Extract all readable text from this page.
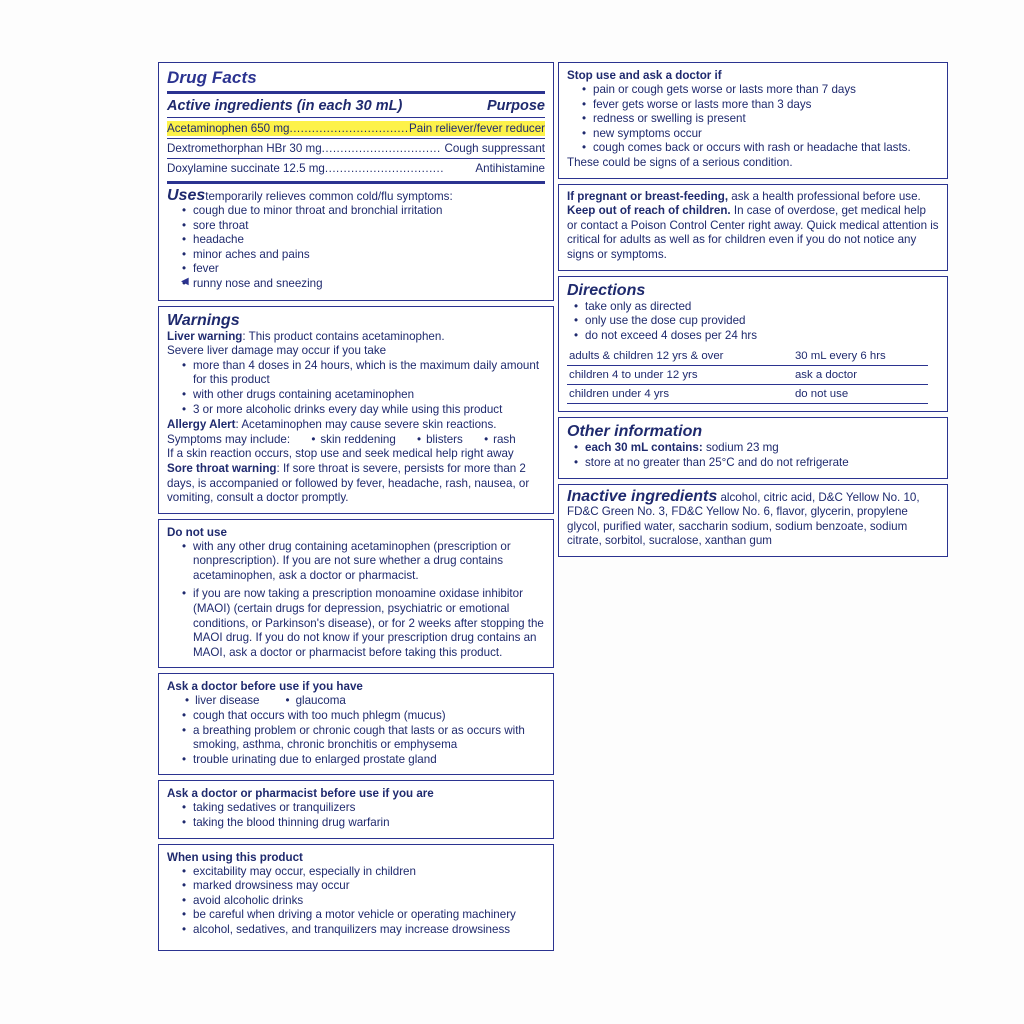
Drug Facts
Active ingredients (in each 30 mL)	Purpose
Acetaminophen 650 mg ................................ Pain reliever/fever reducer
Dextromethorphan HBr 30 mg ................................ Cough suppressant
Doxylamine succinate 12.5 mg ................................	Antihistamine
Usestemporarily relieves common cold/flu symptoms:
• cough due to minor throat and bronchial irritation
• sore throat
• headache
• minor aches and pains
• fever
• runny nose and sneezing
◀
Warnings

Liver warning: This product contains acetaminophen.

Severe liver damage may occur if you take

• more than 4 doses in 24 hours, which is the maximum daily amount for this product
• with other drugs containing acetaminophen
• 3 or more alcoholic drinks every day while using this product

Allergy Alert: Acetaminophen may cause severe skin reactions.

Symptoms may include:	• skin reddening	• blisters	• rash

If a skin reaction occurs, stop use and seek medical help right away

Sore throat warning: If sore throat is severe, persists for more than 2 days, is accompanied or followed by fever, headache, rash, nausea, or vomiting, consult a doctor promptly.

Do not use
• with any other drug containing acetaminophen (prescription or nonprescription). If you are not sure whether a drug contains acetaminophen, ask a doctor or pharmacist.
• if you are now taking a prescription monoamine oxidase inhibitor (MAOI) (certain drugs for depression, psychiatric or emotional conditions, or Parkinson's disease), or for 2 weeks after stopping the MAOI drug. If you do not know if your prescription drug contains an MAOI, ask a doctor or pharmacist before taking this product.
Ask a doctor before use if you have
• liver disease	• glaucoma
• cough that occurs with too much phlegm (mucus)
• a breathing problem or chronic cough that lasts or as occurs with smoking, asthma, chronic bronchitis or emphysema
• trouble urinating due to enlarged prostate gland
Ask a doctor or pharmacist before use if you are
• taking sedatives or tranquilizers
• taking the blood thinning drug warfarin
When using this product
• excitability may occur, especially in children
• marked drowsiness may occur
• avoid alcoholic drinks
• be careful when driving a motor vehicle or operating machinery
• alcohol, sedatives, and tranquilizers may increase drowsiness
Stop use and ask a doctor if
• pain or cough gets worse or lasts more than 7 days
• fever gets worse or lasts more than 3 days
• redness or swelling is present
• new symptoms occur
• cough comes back or occurs with rash or headache that lasts.

These could be signs of a serious condition.

If pregnant or breast-feeding, ask a health professional before use. Keep out of reach of children. In case of overdose, get medical help or contact a Poison Control Center right away. Quick medical attention is critical for adults as well as for children even if you do not notice any signs or symptoms.

Directions
• take only as directed
• only use the dose cup provided
• do not exceed 4 doses per 24 hrs
adults & children 12 yrs & over	30 mL every 6 hrs
children 4 to under 12 yrs	ask a doctor
children under 4 yrs	do not use
Other information
• each 30 mL contains: sodium 23 mg
• store at no greater than 25°C and do not refrigerate

Inactive ingredients alcohol, citric acid, D&C Yellow No. 10, FD&C Green No. 3, FD&C Yellow No. 6, flavor, glycerin, propylene glycol, purified water, saccharin sodium, sodium benzoate, sodium citrate, sorbitol, sucralose, xanthan gum
